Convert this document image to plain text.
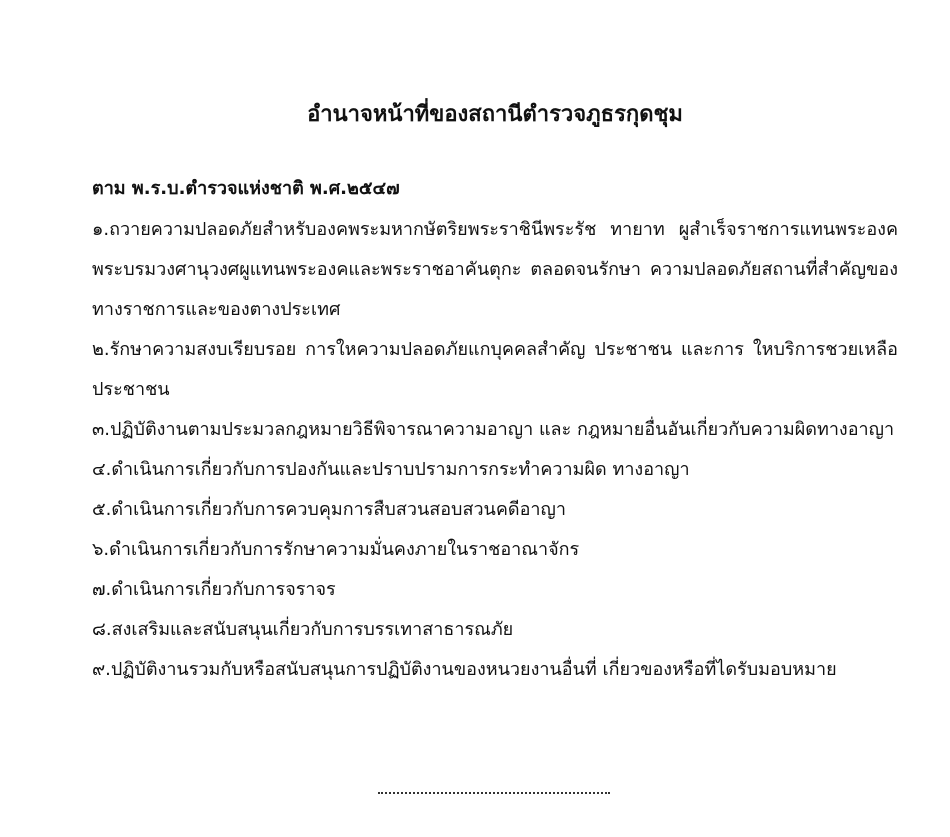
อำนาจหน้าที่ของสถานีตำรวจภูธรกุดชุม
ตาม พ.ร.บ.ตำรวจแห่งชาติ พ.ศ.๒๕๔๗

๑.ถวายความปลอดภัยสำหรับองคพระมหากษัตริยพระราชินีพระรัช ทายาท ผูสำเร็จราชการแทนพระองคพระบรมวงศานุวงศผูแทนพระองคและพระราชอาคันตุกะ ตลอดจนรักษา ความปลอดภัยสถานที่สำคัญของทางราชการและของตางประเทศ

๒.รักษาความสงบเรียบรอย การใหความปลอดภัยแกบุคคลสำคัญ ประชาชน และการ ใหบริการชวยเหลือประชาชน

๓.ปฏิบัติงานตามประมวลกฎหมายวิธีพิจารณาความอาญา และ กฎหมายอื่นอันเกี่ยวกับความผิดทางอาญา

๔.ดำเนินการเกี่ยวกับการปองกันและปราบปรามการกระทำความผิด ทางอาญา

๕.ดำเนินการเกี่ยวกับการควบคุมการสืบสวนสอบสวนคดีอาญา

๖.ดำเนินการเกี่ยวกับการรักษาความมั่นคงภายในราชอาณาจักร

๗.ดำเนินการเกี่ยวกับการจราจร

๘.สงเสริมและสนับสนุนเกี่ยวกับการบรรเทาสาธารณภัย

๙.ปฏิบัติงานรวมกับหรือสนับสนุนการปฏิบัติงานของหนวยงานอื่นที่ เกี่ยวของหรือที่ไดรับมอบหมาย
